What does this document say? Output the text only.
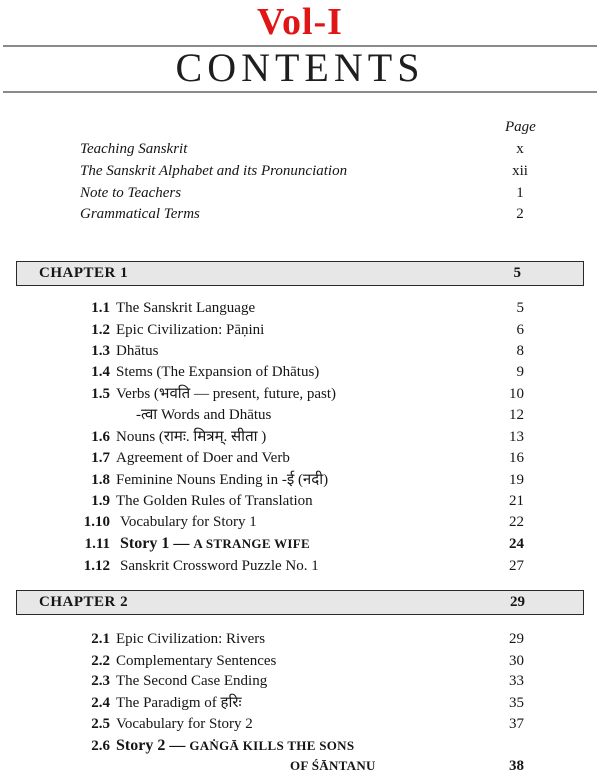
Vol-I
CONTENTS
Page
Teaching Sanskrit	x
The Sanskrit Alphabet and its Pronunciation	xii
Note to Teachers	1
Grammatical Terms	2
CHAPTER 1	5
1.1 The Sanskrit Language	5
1.2 Epic Civilization: Pāṇini	6
1.3 Dhātus	8
1.4 Stems (The Expansion of Dhātus)	9
1.5 Verbs (भवति — present, future, past)	10
-त्वा Words and Dhātus	12
1.6 Nouns (रामः. मित्रम्. सीता )	13
1.7 Agreement of Doer and Verb	16
1.8 Feminine Nouns Ending in -ई (नदी)	19
1.9 The Golden Rules of Translation	21
1.10 Vocabulary for Story 1	22
1.11 Story 1 — A STRANGE WIFE	24
1.12 Sanskrit Crossword Puzzle No. 1	27
CHAPTER 2	29
2.1 Epic Civilization: Rivers	29
2.2 Complementary Sentences	30
2.3 The Second Case Ending	33
2.4 The Paradigm of हरिः	35
2.5 Vocabulary for Story 2	37
2.6 Story 2 — GAṄGĀ KILLS THE SONS
OF ŚĀNTANU	38
